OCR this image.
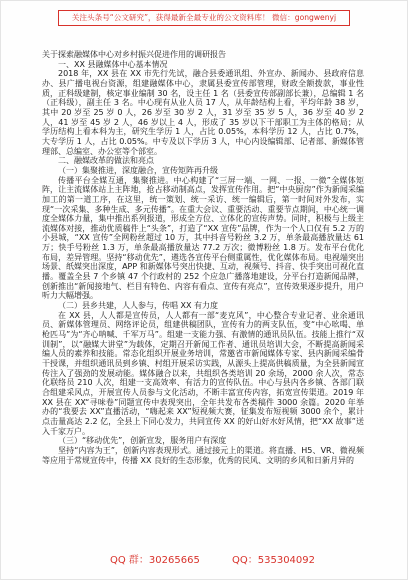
关注头条号“公文研究”，获得最新全最专业的公文资料库！ 微信：gongwenyj
关于探索融媒体中心对乡村振兴促进作用的调研报告
一、XX 县融媒体中心基本情况

2018 年，XX 县在 XX 市先行先试，融合县委通讯组、外宣办、新闻办、县政府信息办、县广播电视台资源，组建融媒体中心，隶属县委宣传部管理，财政全额拨款，事业性质，正科级建制，核定事业编制 30 名，设主任 1 名（县委宣传部副部长兼），总编辑 1 名（正科级），副主任 3 名。中心现有从业人员 17 人，从年龄结构上看，平均年龄 38 岁，其中 20 岁至 25 岁 0 人，26 岁至 30 岁 2 人，31 岁至 35 岁 5 人，36 岁至 40 岁 2 人，41 岁至 45 岁 2 人，46 岁以上 4 人，形成了 35 岁以下干部职工为主体的格局；从学历结构上看本科为主，研究生学历 1 人，占比 0.05%，本科学历 12 人，占比 0.7%，大专学历 1 人，占比 0.05%。中专及以下学历 3 人，中心内设编辑部、记者部、新媒体管理部、总编室、办公室等个部室。

二、融媒改革的做法和亮点
（一）集聚推进，深度融合，宣传矩阵再升级

传播平台全媒互通，集聚推进。中心构建了“三屏一端、一网、一报、一微”全媒体矩阵，让主流媒体站上主阵地，抢占移动制高点，发挥宣传作用。把“中央厨房”作为新闻采编加工的第一道工序，在这里，统一策划、统一采访、统一编辑后，第一时间对外发布，实现“一次采集、多种生成、多元传播”。在重大会议、重要活动、重要节点期间，中心统一调度全媒体力量，集中推出系列报道，形成全方位、立体化的宣传声势。同时，积极与上级主流媒体对接，推动优质稿件上“头条”，打造了“XX 宣传”品牌，作为一个人口仅有 5.2 万的小县城，“XX 宣传”全网粉丝超过 10 万，其中抖音号粉丝 3.2 万，单条最高播放量达 61 万；快手号粉丝 1.3 万，单条最高播放量达 77.2 万次；微博粉丝 1.8 万。发布平台优化布局，差异管理。坚持“移动优先”，遴选各宣传平台侧重属性，优化媒体布局。电视端突出场景、纸媒突出深度，APP 和新媒体号突出快捷、互动，视频号、抖音、快手突出可视化直播。覆盖全县 7 个乡镇 47 个行政村的 252 个应急广播落地建设，分平台打造新闻品牌，创新推出“新闻接地气、栏目有特色、内容有看点、宣传有亮点”，宣传效果逐步提升，用户听力大幅增强。

（二）县乡共建，人人参与，传唱 XX 有力度

在 XX 县，人人都是宣传员，人人都有一部“麦克风”，中心整合专业记者、业余通讯员、新媒体管理员、网络评论员，组建供稿团队，宣传有力的两支队伍，变“中心吆喝、单枪匹马”为“齐心呐喊、千军万马”。组建一支能力强、有激情的通讯员队伍。技能上推行“双训制”，以“融媒大讲堂”为载体，定期召开新闻工作者、通讯员培训大会，不断提高新闻采编人员的素养和技能。常态化组织开展业务培训，常邀省市新闻媒体专家、县内新闻采编骨干授课，并组织通讯员到乡镇、村组开展采访实践，从源头上提高供稿质量，为全县新闻宣传注入了强劲的发展动能。媒体融合以来，共组织各类培训 20 余场，2000 余人次，常态化联络员 210 人次，组建一支高效率、有活力的宣传队伍。中心与县内各乡镇、各部门联合组建采风点，开展宣传人员参与文化活动，不断丰富宣传内容，拓宽宣传渠道。2019 年 XX 县在 XX“寻味卷”同题宣传中表现突出，全年共发布各类稿件 3000 余篇。2020 年举办的“我要去 XX”直播活动，“嗨起来 XX”短视频大赛，征集发布短视频 3000 余个，累计点击量高达 2.2 亿，全县上下同心发力，共同宣传 XX 的好山好水好风情，把“XX 故事”送入千家万户。

（三）“移动优先”，创新宣发，服务用户有深度

坚持“内容为王”，创新内容表现形式。通过接元上的渠道。将直播、H5、VR、微视频等应用于常规宣传中，传播 XX 良好的生态形象，优秀的民风、文明的乡风和日新月异的

QQ 群：30265665	QQ：535304092
